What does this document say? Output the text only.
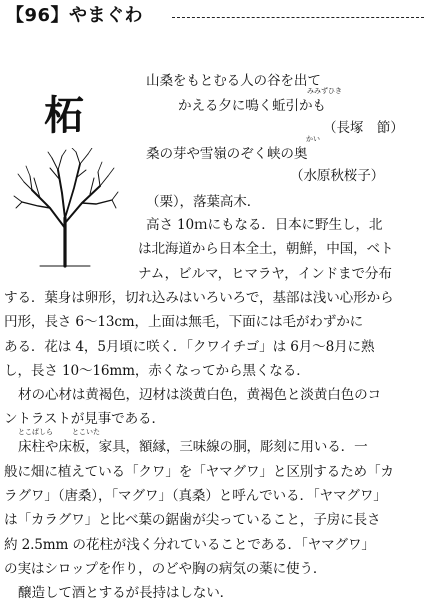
【96】やまぐわ
柘
山桑をもとむる人の谷を出て
みみずひき
かえる夕に鳴く蚯引かも
（長塚　節）
かい
桑の芽や雪嶺のぞく峡の奥
（水原秋桜子）
（栗），落葉高木．
高さ 10ｍにもなる．日本に野生し，北
は北海道から日本全土，朝鮮，中国，ベト
ナム，ビルマ，ヒマラヤ，インドまで分布
する．葉身は卵形，切れ込みはいろいろで，基部は浅い心形から
円形，長さ 6～13cm，上面は無毛，下面には毛がわずかに
ある．花は 4，5月頃に咲く．「クワイチゴ」は 6月～8月に熟
し，長さ 10～16mm，赤くなってから黒くなる．
材の心材は黄褐色，辺材は淡黄白色，黄褐色と淡黄白色のコ
ントラストが見事である．
とこばしら	とこいた
床柱や床板，家具，額縁，三味線の胴，彫刻に用いる．一
般に畑に植えている「クワ」を「ヤマグワ」と区別するため「カ
ラグワ」（唐桑），「マグワ」（真桑）と呼んでいる．「ヤマグワ」
は「カラグワ」と比べ葉の鋸歯が尖っていること，子房に長さ
約 2.5mm の花柱が浅く分れていることである．「ヤマグワ」
の実はシロップを作り，のどや胸の病気の薬に使う．
醸造して酒とするが長持はしない．
